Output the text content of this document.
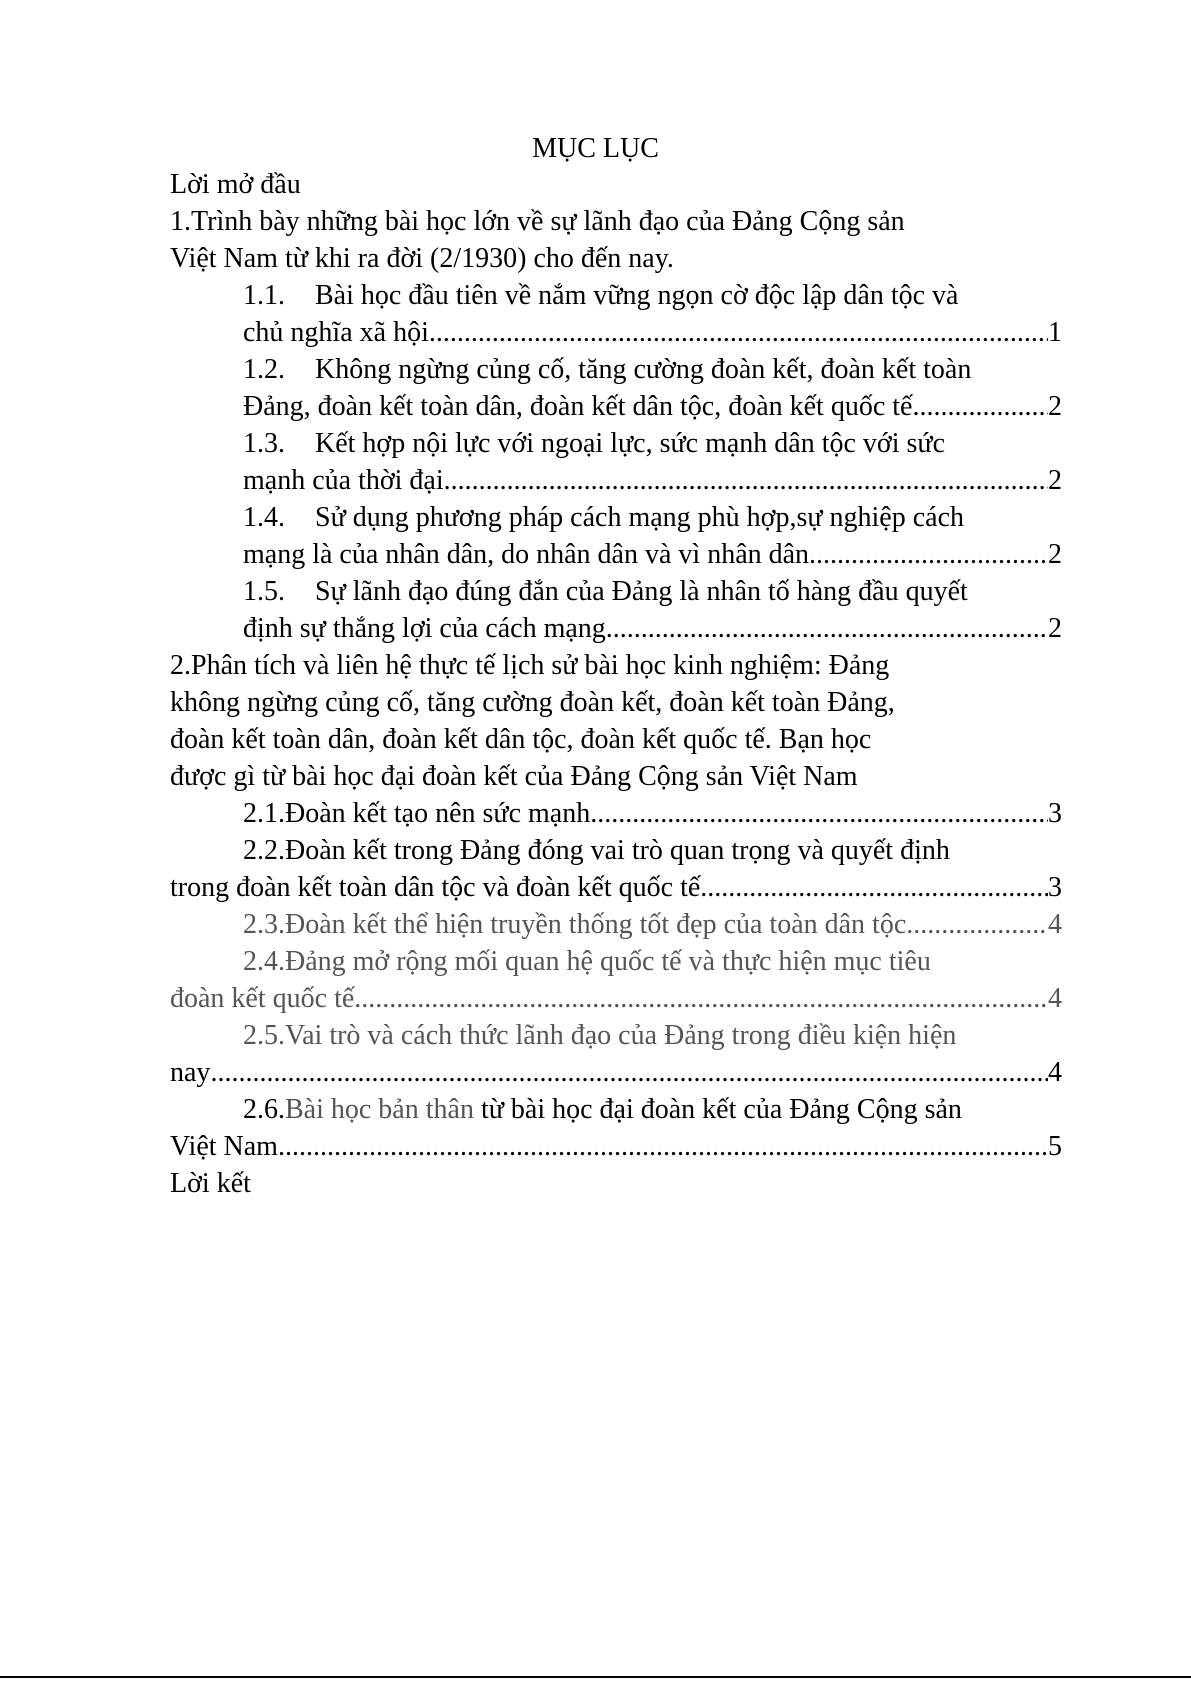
MỤC LỤC
Lời mở đầu
1.Trình bày những bài học lớn về sự lãnh đạo của Đảng Cộng sản
Việt Nam từ khi ra đời (2/1930) cho đến nay.
1.1. Bài học đầu tiên về nắm vững ngọn cờ độc lập dân tộc và
chủ nghĩa xã hội .....	1
1.2. Không ngừng củng cố, tăng cường đoàn kết, đoàn kết toàn
Đảng, đoàn kết toàn dân, đoàn kết dân tộc, đoàn kết quốc tế .....	2
1.3. Kết hợp nội lực với ngoại lực, sức mạnh dân tộc với sức
mạnh của thời đại .....	2
1.4. Sử dụng phương pháp cách mạng phù hợp,sự nghiệp cách
mạng là của nhân dân, do nhân dân và vì nhân dân .....	2
1.5. Sự lãnh đạo đúng đắn của Đảng là nhân tố hàng đầu quyết
định sự thắng lợi của cách mạng .....	2
2.Phân tích và liên hệ thực tế lịch sử bài học kinh nghiệm: Đảng
không ngừng củng cố, tăng cường đoàn kết, đoàn kết toàn Đảng,
đoàn kết toàn dân, đoàn kết dân tộc, đoàn kết quốc tế. Bạn học
được gì từ bài học đại đoàn kết của Đảng Cộng sản Việt Nam
2.1.Đoàn kết tạo nên sức mạnh .....	3
2.2.Đoàn kết trong Đảng đóng vai trò quan trọng và quyết định
trong đoàn kết toàn dân tộc và đoàn kết quốc tế .....	3
2.3.Đoàn kết thể hiện truyền thống tốt đẹp của toàn dân tộc .....	4
2.4.Đảng mở rộng mối quan hệ quốc tế và thực hiện mục tiêu
đoàn kết quốc tế .....	4
2.5.Vai trò và cách thức lãnh đạo của Đảng trong điều kiện hiện
nay .....	4
2.6.Bài học bản thân từ bài học đại đoàn kết của Đảng Cộng sản
Việt Nam .....	5
Lời kết
